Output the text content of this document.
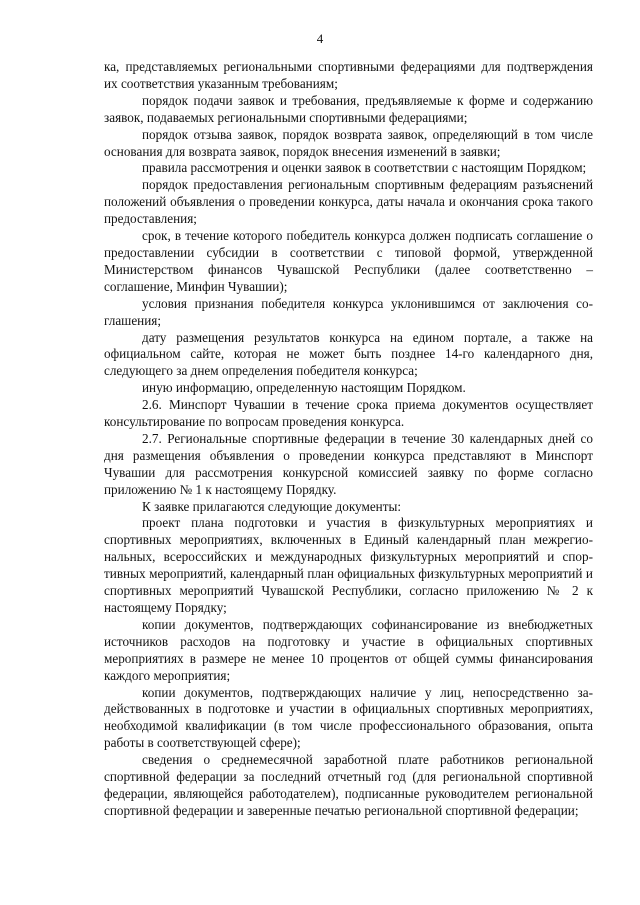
4

ка, представляемых региональными спортивными федерациями для подтверждения их соответствия указанным требованиям;

порядок подачи заявок и требования, предъявляемые к форме и содержанию заявок, подаваемых региональными спортивными федерациями;

порядок отзыва заявок, порядок возврата заявок, определяющий в том числе основания для возврата заявок, порядок внесения изменений в заявки;

правила рассмотрения и оценки заявок в соответствии с настоящим Порядком;

порядок предоставления региональным спортивным федерациям разъяснений положений объявления о проведении конкурса, даты начала и окончания срока такого предоставления;

срок, в течение которого победитель конкурса должен подписать соглашение о предоставлении субсидии в соответствии с типовой формой, утвержденной Министерством финансов Чувашской Республики (далее соответственно – соглашение, Минфин Чувашии);

условия признания победителя конкурса уклонившимся от заключения соглашения;

дату размещения результатов конкурса на едином портале, а также на официальном сайте, которая не может быть позднее 14-го календарного дня, следующего за днем определения победителя конкурса;

иную информацию, определенную настоящим Порядком.

2.6. Минспорт Чувашии в течение срока приема документов осуществляет консультирование по вопросам проведения конкурса.

2.7. Региональные спортивные федерации в течение 30 календарных дней со дня размещения объявления о проведении конкурса представляют в Минспорт Чувашии для рассмотрения конкурсной комиссией заявку по форме согласно приложению № 1 к настоящему Порядку.

К заявке прилагаются следующие документы:

проект плана подготовки и участия в физкультурных мероприятиях и спортивных мероприятиях, включенных в Единый календарный план межрегиональных, всероссийских и международных физкультурных мероприятий и спортивных мероприятий, календарный план официальных физкультурных мероприятий и спортивных мероприятий Чувашской Республики, согласно приложению № 2 к настоящему Порядку;

копии документов, подтверждающих софинансирование из внебюджетных источников расходов на подготовку и участие в официальных спортивных мероприятиях в размере не менее 10 процентов от общей суммы финансирования каждого мероприятия;

копии документов, подтверждающих наличие у лиц, непосредственно задействованных в подготовке и участии в официальных спортивных мероприятиях, необходимой квалификации (в том числе профессионального образования, опыта работы в соответствующей сфере);

сведения о среднемесячной заработной плате работников региональной спортивной федерации за последний отчетный год (для региональной спортивной федерации, являющейся работодателем), подписанные руководителем региональной спортивной федерации и заверенные печатью региональной спортивной федерации;
